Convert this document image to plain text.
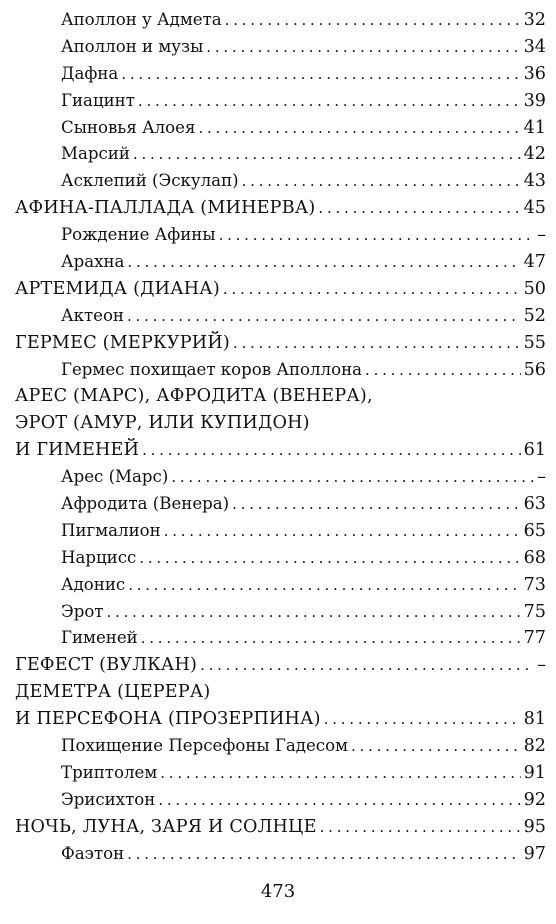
Аполлон у Адмета . . .	32
Аполлон и музы . . .	34
Дафна . . .	36
Гиацинт . . .	39
Сыновья Алоея . . .	41
Марсий . . .	42
Асклепий (Эскулап) . . .	43
АФИНА-ПАЛЛАДА (МИНЕРВА) . . .	45
Рождение Афины . . .	–
Арахна . . .	47
АРТЕМИДА (ДИАНА) . . .	50
Актеон . . .	52
ГЕРМЕС (МЕРКУРИЙ) . . .	55
Гермес похищает коров Аполлона . . .	56
АРЕС (МАРС), АФРОДИТА (ВЕНЕРА),
ЭРОТ (АМУР, ИЛИ КУПИДОН)
И ГИМЕНЕЙ . . .	61
Арес (Марс) . . .	–
Афродита (Венера) . . .	63
Пигмалион . . .	65
Нарцисс . . .	68
Адонис . . .	73
Эрот . . .	75
Гименей . . .	77
ГЕФЕСТ (ВУЛКАН) . . .	–
ДЕМЕТРА (ЦЕРЕРА)
И ПЕРСЕФОНА (ПРОЗЕРПИНА) . . .	81
Похищение Персефоны Гадесом . . .	82
Триптолем . . .	91
Эрисихтон . . .	92
НОЧЬ, ЛУНА, ЗАРЯ И СОЛНЦЕ . . .	95
Фаэтон . . .	97
473
